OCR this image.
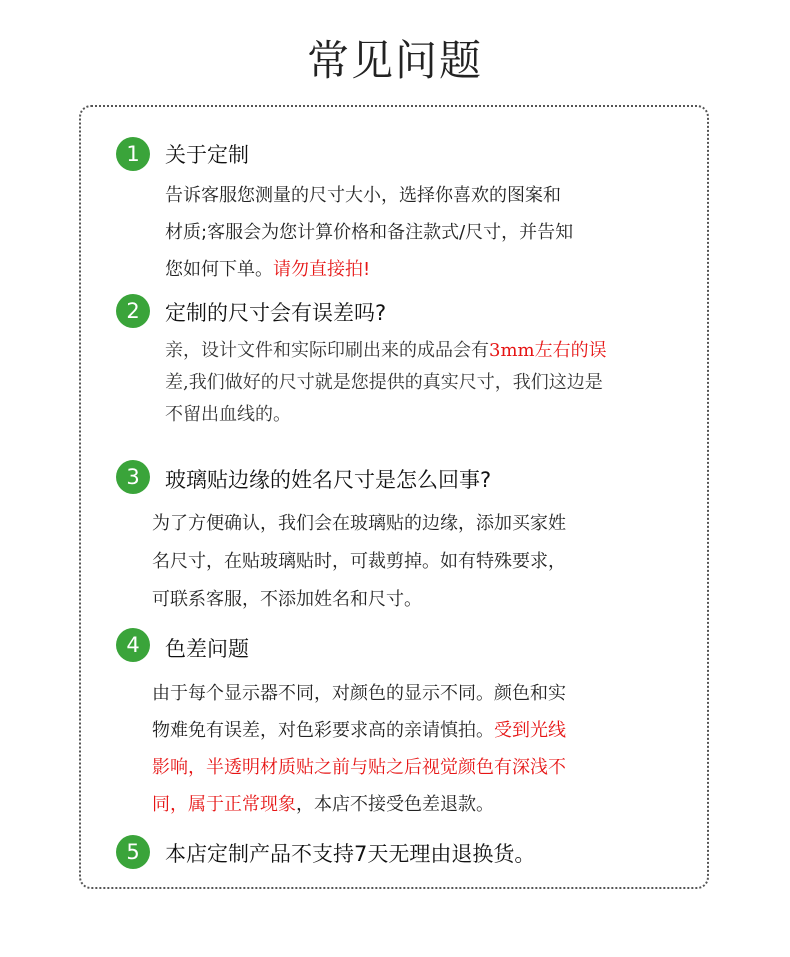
常见问题
1	关于定制
告诉客服您测量的尺寸大小，选择你喜欢的图案和
材质;客服会为您计算价格和备注款式/尺寸，并告知
您如何下单。请勿直接拍!
2	定制的尺寸会有误差吗?
亲，设计文件和实际印刷出来的成品会有3mm左右的误
差,我们做好的尺寸就是您提供的真实尺寸，我们这边是
不留出血线的。
3	玻璃贴边缘的姓名尺寸是怎么回事?
为了方便确认，我们会在玻璃贴的边缘，添加买家姓
名尺寸，在贴玻璃贴时，可裁剪掉。如有特殊要求，
可联系客服，不添加姓名和尺寸。
4	色差问题
由于每个显示器不同，对颜色的显示不同。颜色和实
物难免有误差，对色彩要求高的亲请慎拍。受到光线
影响，半透明材质贴之前与贴之后视觉颜色有深浅不
同，属于正常现象，本店不接受色差退款。
5	本店定制产品不支持7天无理由退换货。
